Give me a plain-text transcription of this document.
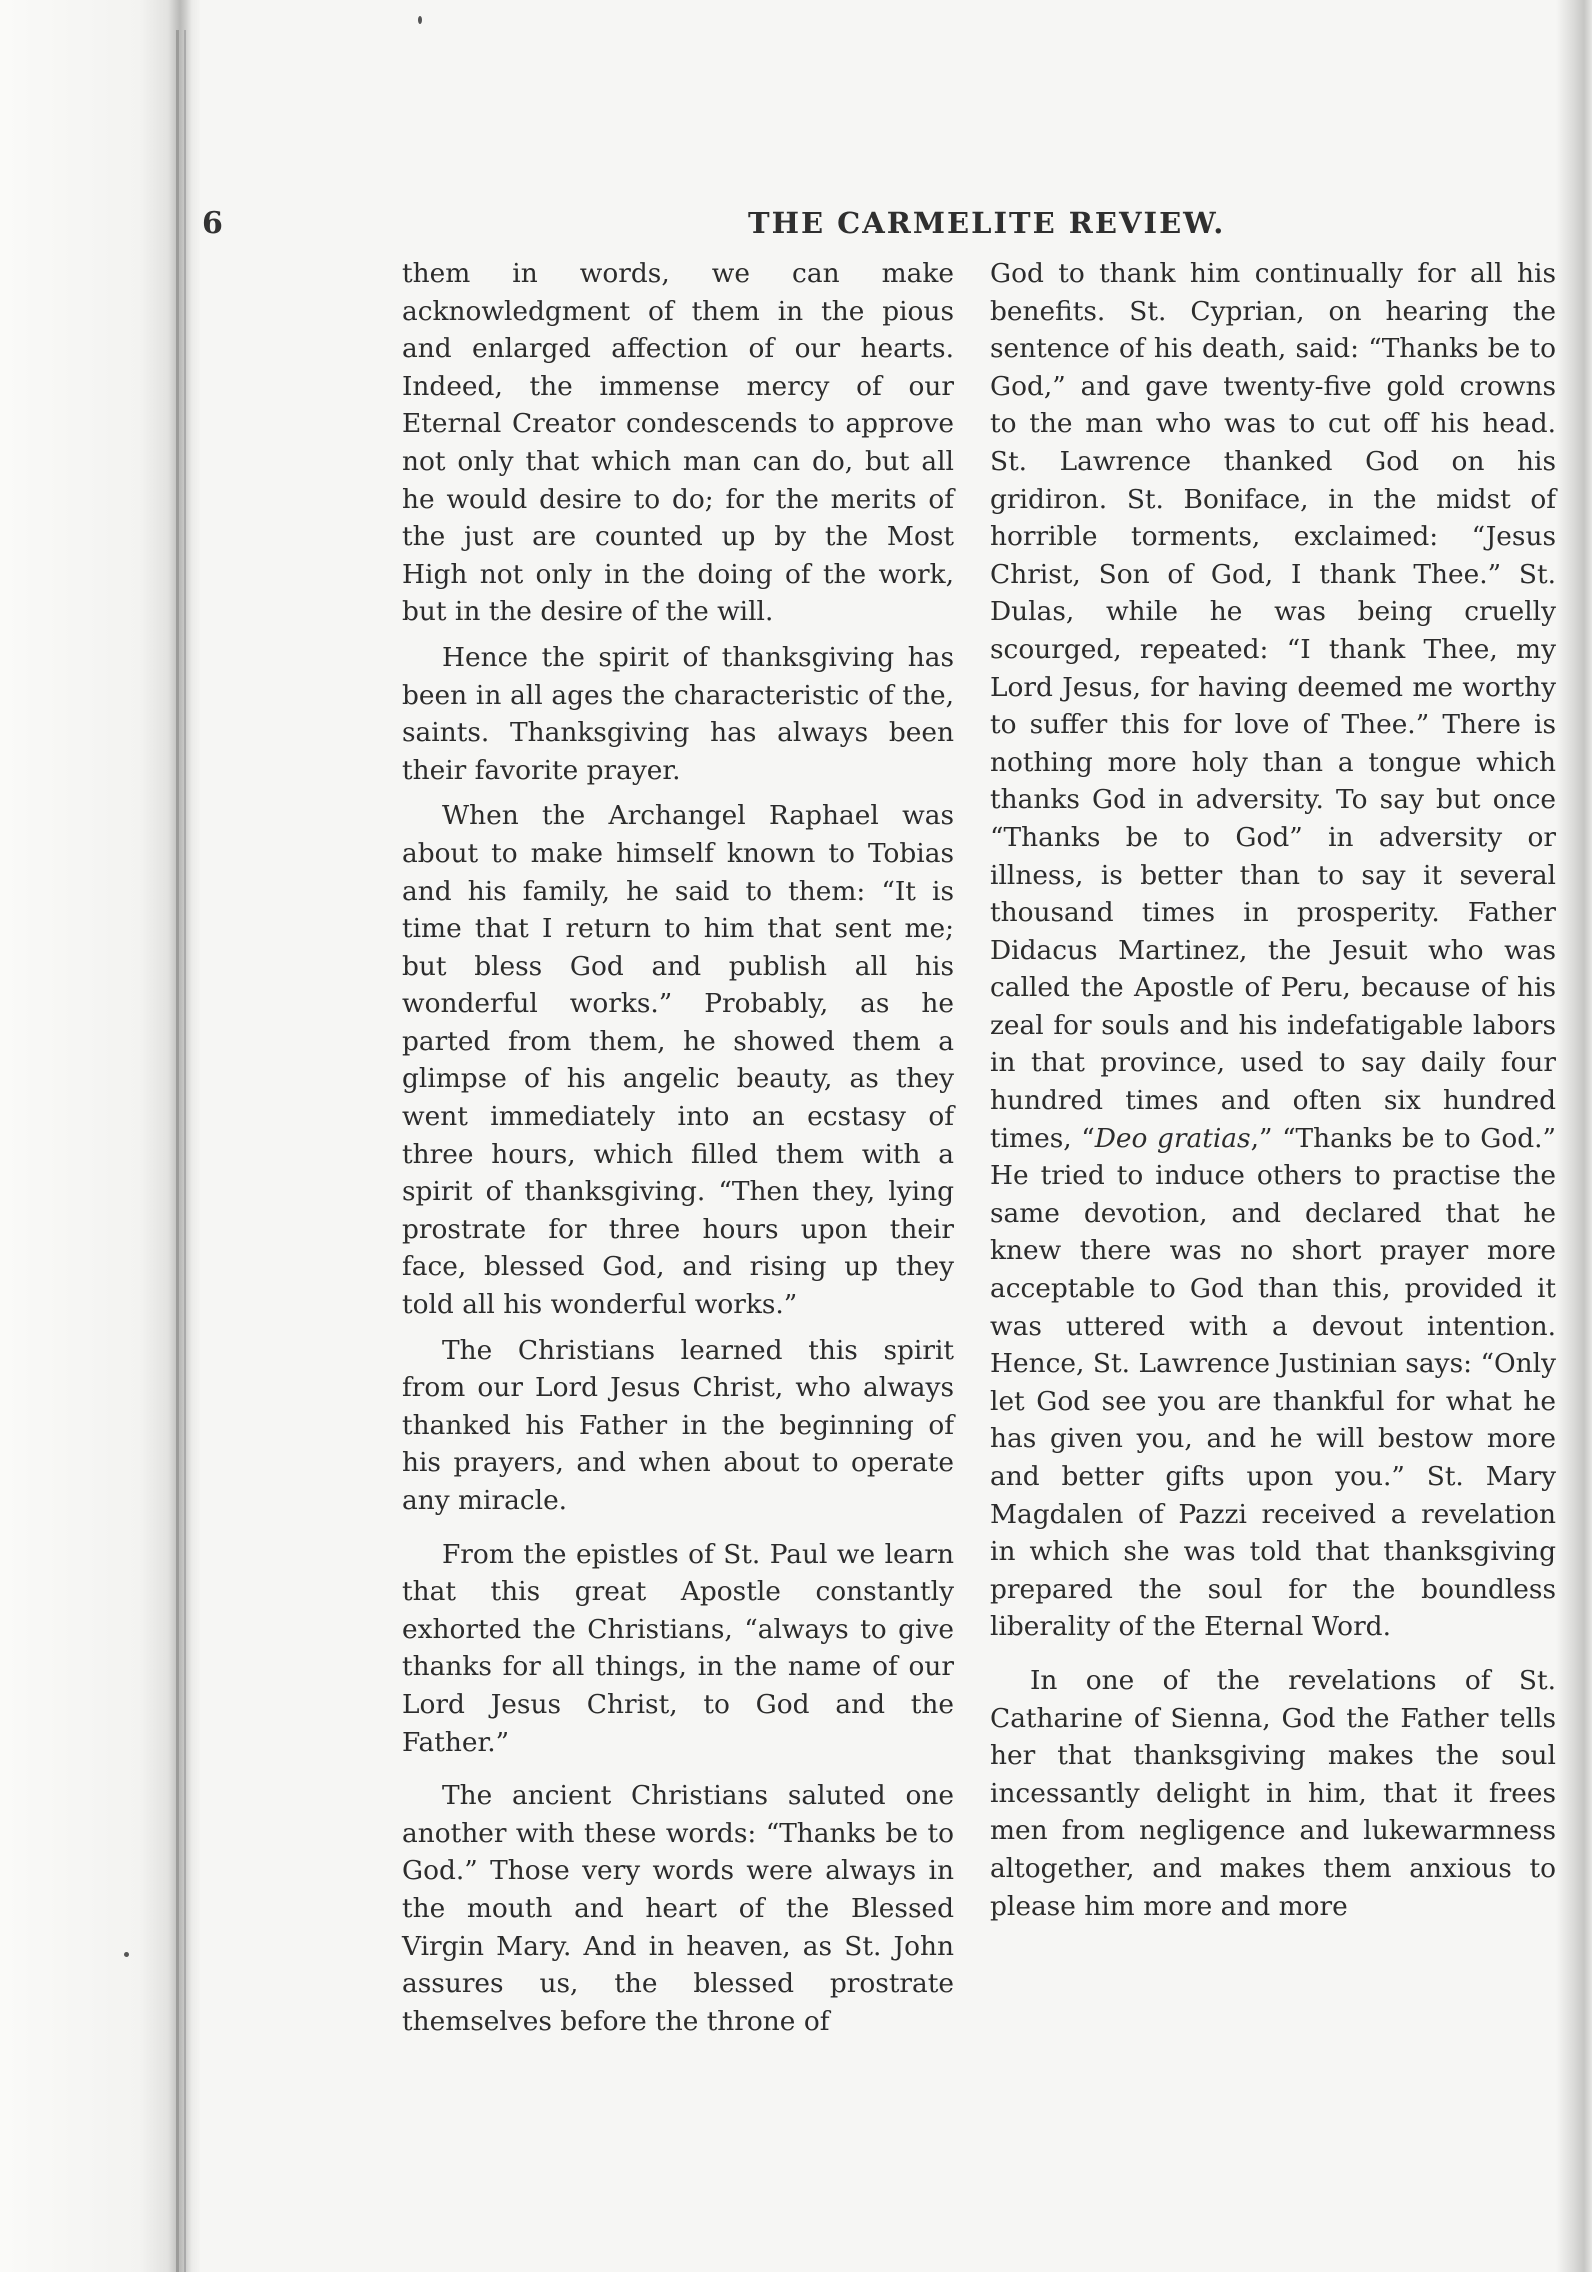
6	THE CARMELITE REVIEW.

them in words, we can make acknowledgment of them in the pious and enlarged affection of our hearts. Indeed, the immense mercy of our Eternal Creator condescends to approve not only that which man can do, but all he would desire to do; for the merits of the just are counted up by the Most High not only in the doing of the work, but in the desire of the will.

Hence the spirit of thanksgiving has been in all ages the characteristic of the, saints. Thanksgiving has always been their favorite prayer.

When the Archangel Raphael was about to make himself known to Tobias and his family, he said to them: “It is time that I return to him that sent me; but bless God and publish all his wonderful works.” Probably, as he parted from them, he showed them a glimpse of his angelic beauty, as they went immediately into an ecstasy of three hours, which filled them with a spirit of thanksgiving. “Then they, lying prostrate for three hours upon their face, blessed God, and rising up they told all his wonderful works.”

The Christians learned this spirit from our Lord Jesus Christ, who always thanked his Father in the beginning of his prayers, and when about to operate any miracle.

From the epistles of St. Paul we learn that this great Apostle constantly exhorted the Christians, “always to give thanks for all things, in the name of our Lord Jesus Christ, to God and the Father.”

The ancient Christians saluted one another with these words: “Thanks be to God.” Those very words were always in the mouth and heart of the Blessed Virgin Mary. And in heaven, as St. John assures us, the blessed prostrate themselves before the throne of

God to thank him continually for all his benefits. St. Cyprian, on hearing the sentence of his death, said: “Thanks be to God,” and gave twenty-five gold crowns to the man who was to cut off his head. St. Lawrence thanked God on his gridiron. St. Boniface, in the midst of horrible torments, exclaimed: “Jesus Christ, Son of God, I thank Thee.” St. Dulas, while he was being cruelly scourged, repeated: “I thank Thee, my Lord Jesus, for having deemed me worthy to suffer this for love of Thee.” There is nothing more holy than a tongue which thanks God in adversity. To say but once “Thanks be to God” in adversity or illness, is better than to say it several thousand times in prosperity. Father Didacus Martinez, the Jesuit who was called the Apostle of Peru, because of his zeal for souls and his indefatigable labors in that province, used to say daily four hundred times and often six hundred times, “Deo gratias,” “Thanks be to God.” He tried to induce others to practise the same devotion, and declared that he knew there was no short prayer more acceptable to God than this, provided it was uttered with a devout intention. Hence, St. Lawrence Justinian says: “Only let God see you are thankful for what he has given you, and he will bestow more and better gifts upon you.” St. Mary Magdalen of Pazzi received a revelation in which she was told that thanksgiving prepared the soul for the boundless liberality of the Eternal Word.

In one of the revelations of St. Catharine of Sienna, God the Father tells her that thanksgiving makes the soul incessantly delight in him, that it frees men from negligence and lukewarmness altogether, and makes them anxious to please him more and more
